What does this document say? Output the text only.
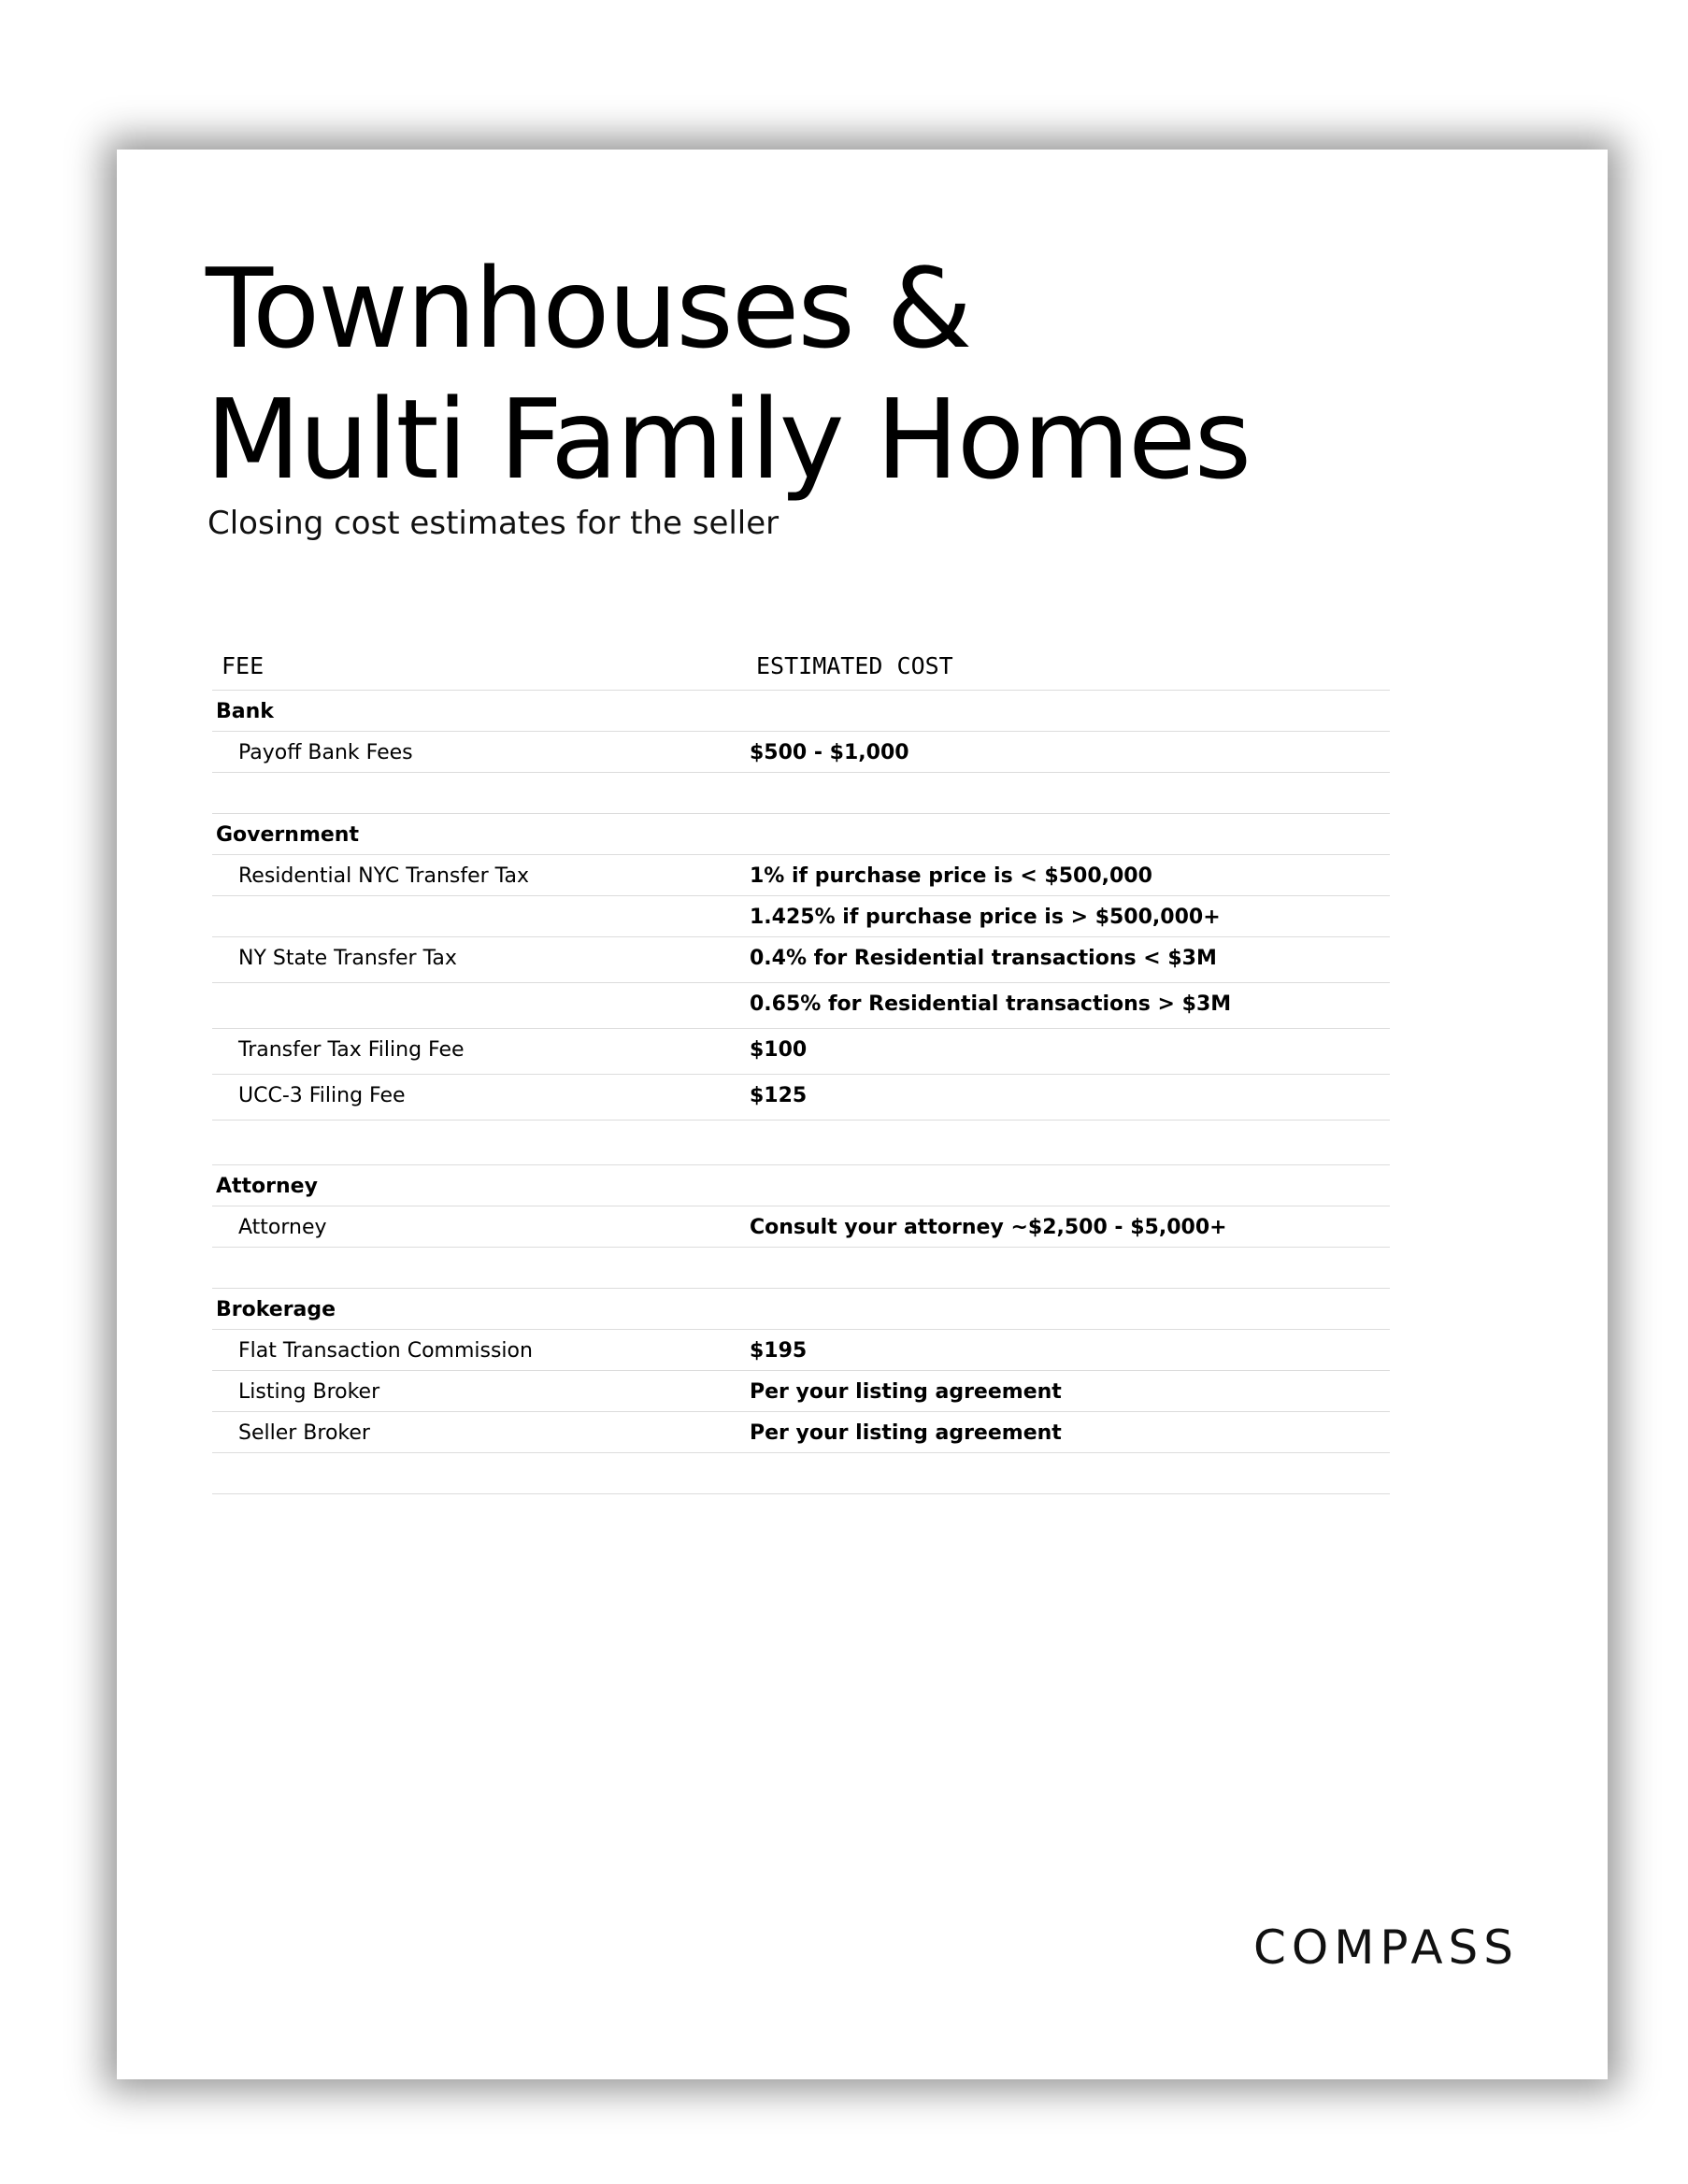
Townhouses &
Multi Family Homes
Closing cost estimates for the seller
FEE	ESTIMATED COST
Bank
Payoff Bank Fees	$500 - $1,000
Government
Residential NYC Transfer Tax	1% if purchase price is < $500,000
1.425% if purchase price is > $500,000+
NY State Transfer Tax	0.4% for Residential transactions < $3M
0.65% for Residential transactions > $3M
Transfer Tax Filing Fee	$100
UCC-3 Filing Fee	$125
Attorney
Attorney	Consult your attorney ~$2,500 - $5,000+
Brokerage
Flat Transaction Commission	$195
Listing Broker	Per your listing agreement
Seller Broker	Per your listing agreement
COMPASS
